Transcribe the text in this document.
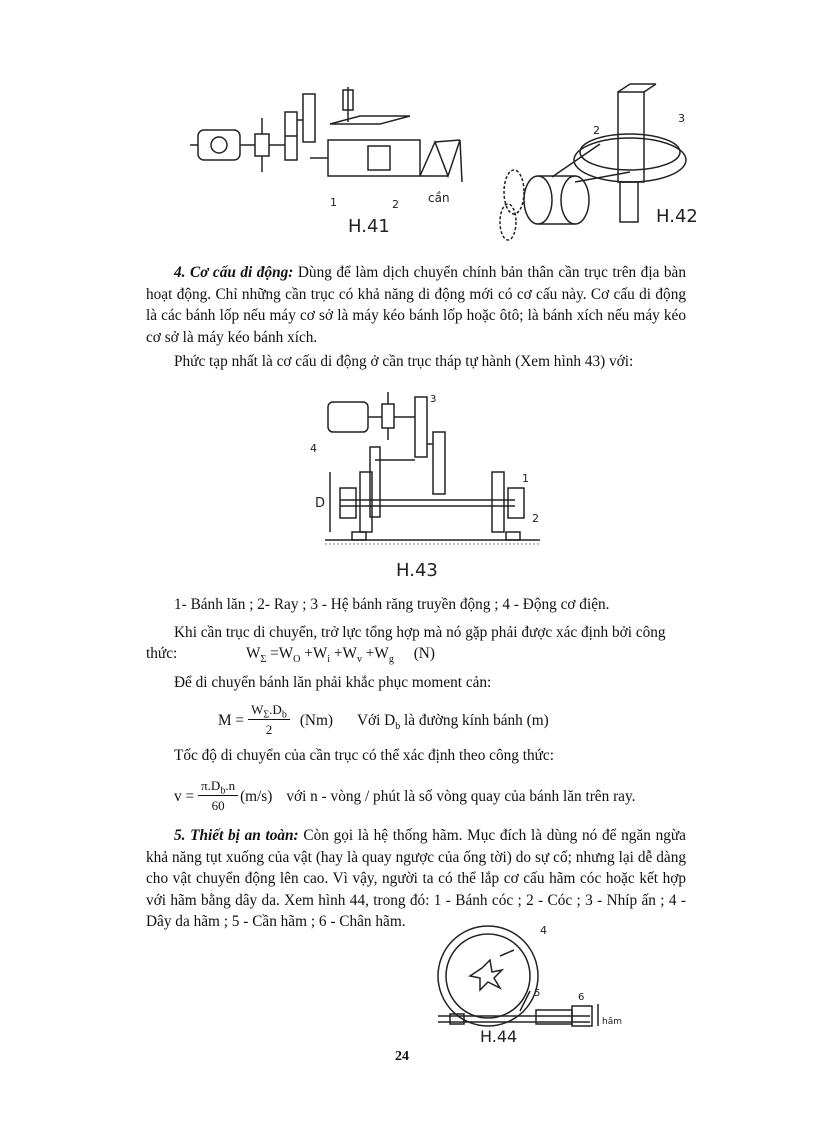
1	2 cần
H.41
2
3
H.42
4. Cơ cấu di động: Dùng để làm dịch chuyển chính bản thân cần trục trên địa bàn hoạt động. Chỉ những cần trục có khả năng di động mới có cơ cấu này. Cơ cấu di động là các bánh lốp nếu máy cơ sở là máy kéo bánh lốp hoặc ôtô; là bánh xích nếu máy kéo cơ sở là máy kéo bánh xích.
Phức tạp nhất là cơ cấu di động ở cần trục tháp tự hành (Xem hình 43) với:
3
4
D
1
2
H.43
1- Bánh lăn ; 2- Ray ; 3 - Hệ bánh răng truyền động ; 4 - Động cơ điện.
Khi cần trục di chuyển, trở lực tổng hợp mà nó gặp phải được xác định bởi công
thức:	$W_\Sigma =W_O +W_i +W_v +W_g$ (N)
Để di chuyển bánh lăn phải khắc phục moment cản:
$M = \frac{W_\Sigma.D_b}{2} (Nm)$ Với $D_b$ là đường kính bánh (m)
Tốc độ di chuyển của cần trục có thể xác định theo công thức:
$v = \frac{\pi.D_b.n}{60} (m/s)$ với n - vòng / phút là số vòng quay của bánh lăn trên ray.
5. Thiết bị an toàn: Còn gọi là hệ thống hãm. Mục đích là dùng nó để ngăn ngừa khả năng tụt xuống của vật (hay là quay ngược của ống tời) do sự cố; nhưng lại dễ dàng cho vật chuyển động lên cao. Vì vậy, người ta có thể lắp cơ cấu hãm cóc hoặc kết hợp với hãm bằng dây da. Xem hình 44, trong đó: 1 - Bánh cóc ; 2 - Cóc ; 3 - Nhíp ấn ; 4 - Dây da hãm ; 5 - Cần hãm ; 6 - Chân hãm.
4
5	6
hãm
H.44
24
